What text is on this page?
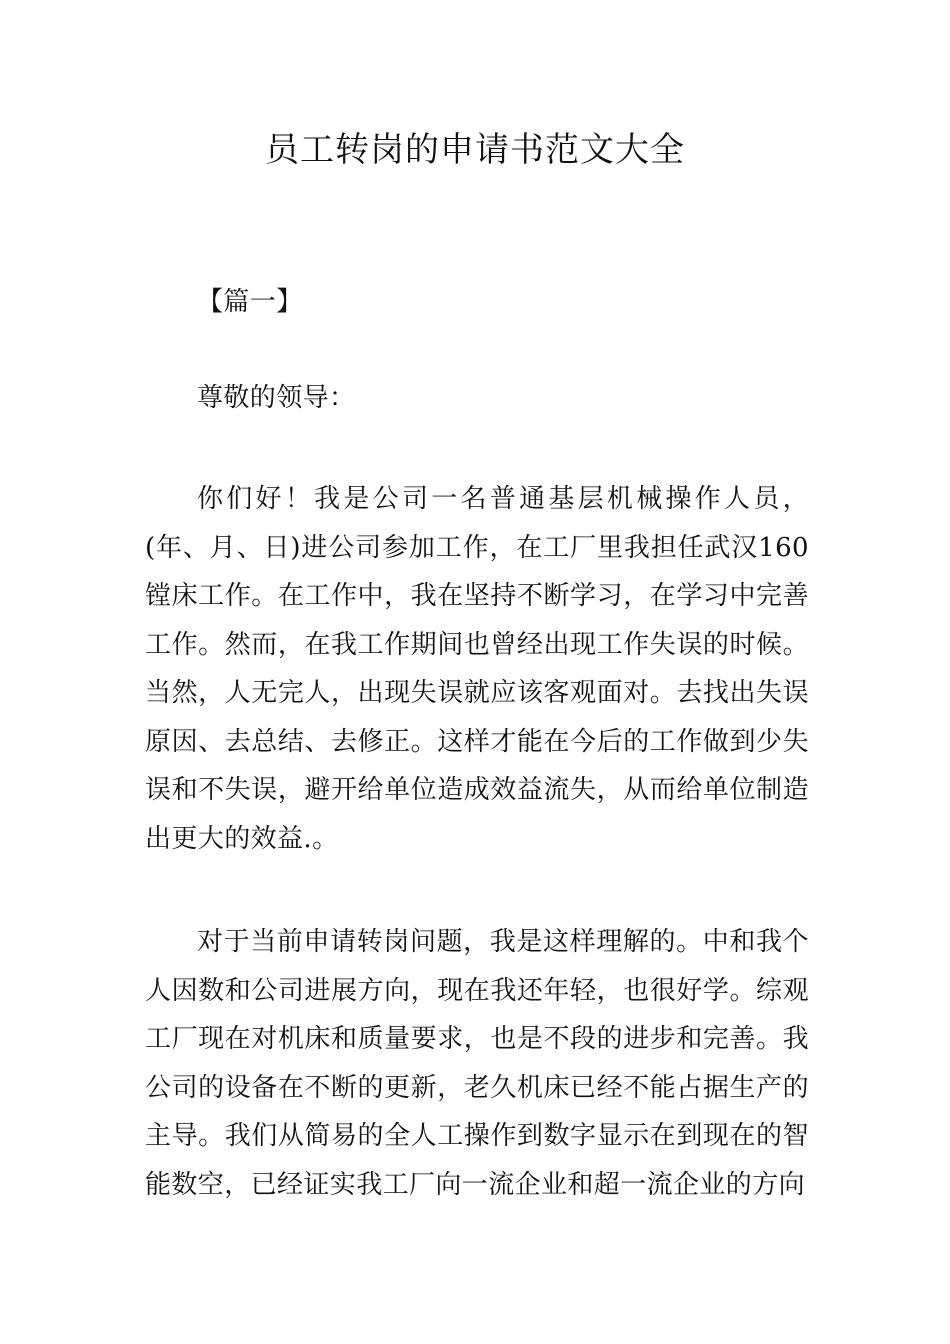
员工转岗的申请书范文大全

【篇一】

尊敬的领导：

你们好！我是公司一名普通基层机械操作人员，(年、月、日)进公司参加工作，在工厂里我担任武汉160镗床工作。在工作中，我在坚持不断学习，在学习中完善工作。然而，在我工作期间也曾经出现工作失误的时候。当然，人无完人，出现失误就应该客观面对。去找出失误原因、去总结、去修正。这样才能在今后的工作做到少失误和不失误，避开给单位造成效益流失，从而给单位制造出更大的效益.。

对于当前申请转岗问题，我是这样理解的。中和我个人因数和公司进展方向，现在我还年轻，也很好学。综观工厂现在对机床和质量要求，也是不段的进步和完善。我公司的设备在不断的更新，老久机床已经不能占据生产的主导。我们从简易的全人工操作到数字显示在到现在的智能数空，已经证实我工厂向一流企业和超一流企业的方向
